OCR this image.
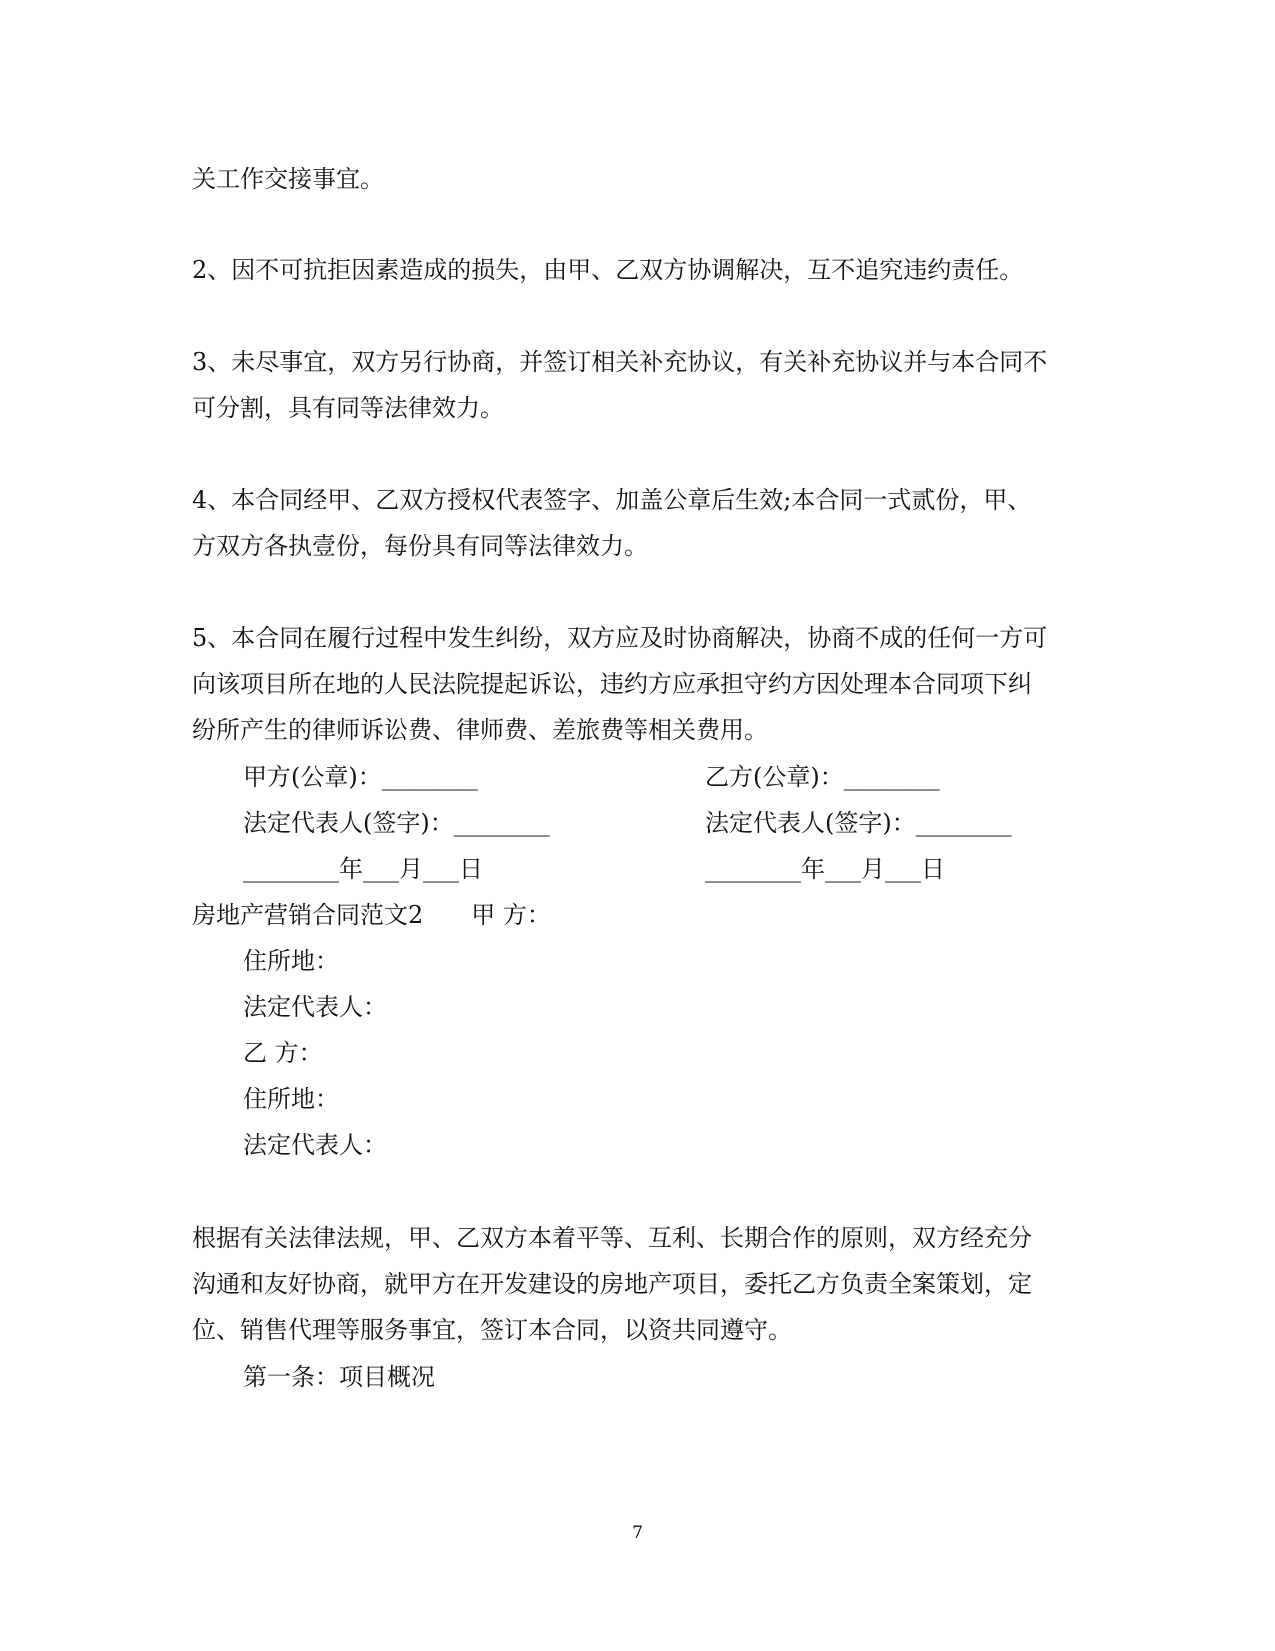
关工作交接事宜。

2、因不可抗拒因素造成的损失，由甲、乙双方协调解决，互不追究违约责任。

3、未尽事宜，双方另行协商，并签订相关补充协议，有关补充协议并与本合同不

可分割，具有同等法律效力。

4、本合同经甲、乙双方授权代表签字、加盖公章后生效;本合同一式贰份，甲、

方双方各执壹份，每份具有同等法律效力。

5、本合同在履行过程中发生纠纷，双方应及时协商解决，协商不成的任何一方可

向该项目所在地的人民法院提起诉讼，违约方应承担守约方因处理本合同项下纠

纷所产生的律师诉讼费、律师费、差旅费等相关费用。

甲方(公章)：________	乙方(公章)：________

法定代表人(签字)：________	法定代表人(签字)：________

________年___月___日	________年___月___日

房地产营销合同范文2　　甲 方：

住所地：

法定代表人：

乙 方：

住所地：

法定代表人：

根据有关法律法规，甲、乙双方本着平等、互利、长期合作的原则，双方经充分

沟通和友好协商，就甲方在开发建设的房地产项目，委托乙方负责全案策划，定

位、销售代理等服务事宜，签订本合同，以资共同遵守。

第一条：项目概况

7
